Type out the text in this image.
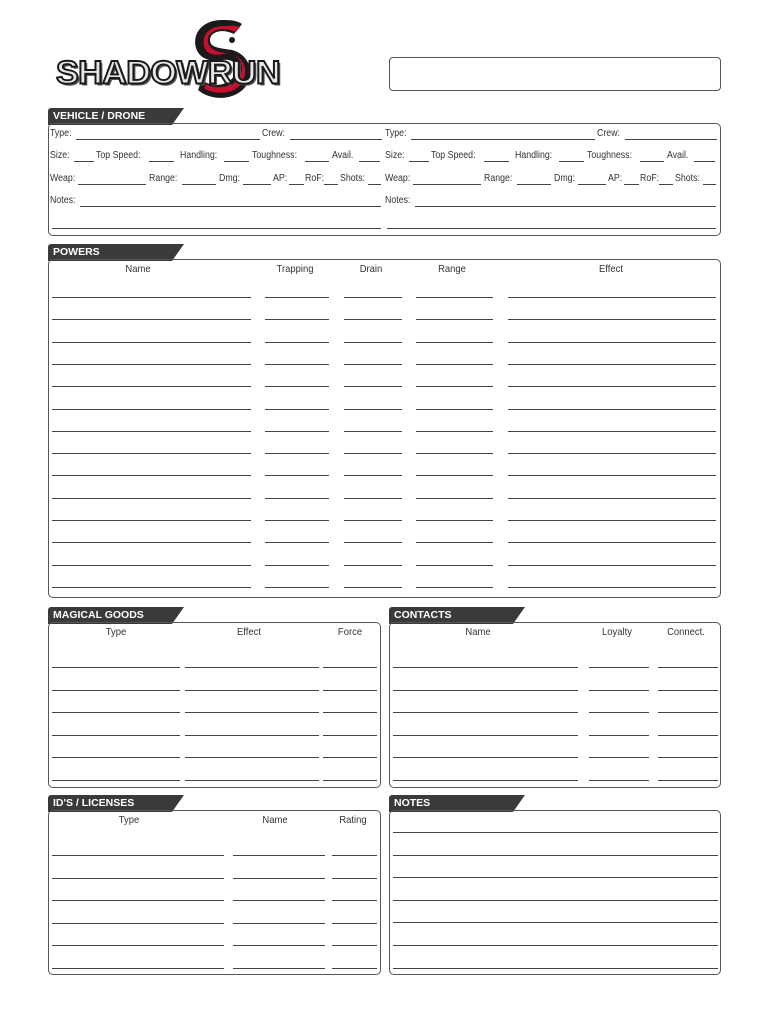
SHADOWRUN
VEHICLE / DRONE
Type:	Crew:
Size:	Top Speed:	Handling:	Toughness:	Avail.
Weap:	Range:	Dmg:	AP: RoF: Shots:
Notes:
Type:	Crew:
Size:	Top Speed:	Handling:	Toughness:	Avail.
Weap:	Range:	Dmg:	AP: RoF: Shots:
Notes:
POWERS
Name	Trapping	Drain	Range	Effect
MAGICAL GOODS
Type	Effect	Force
CONTACTS
Name	Loyalty	Connect.
ID'S / LICENSES
Type	Name	Rating
NOTES
